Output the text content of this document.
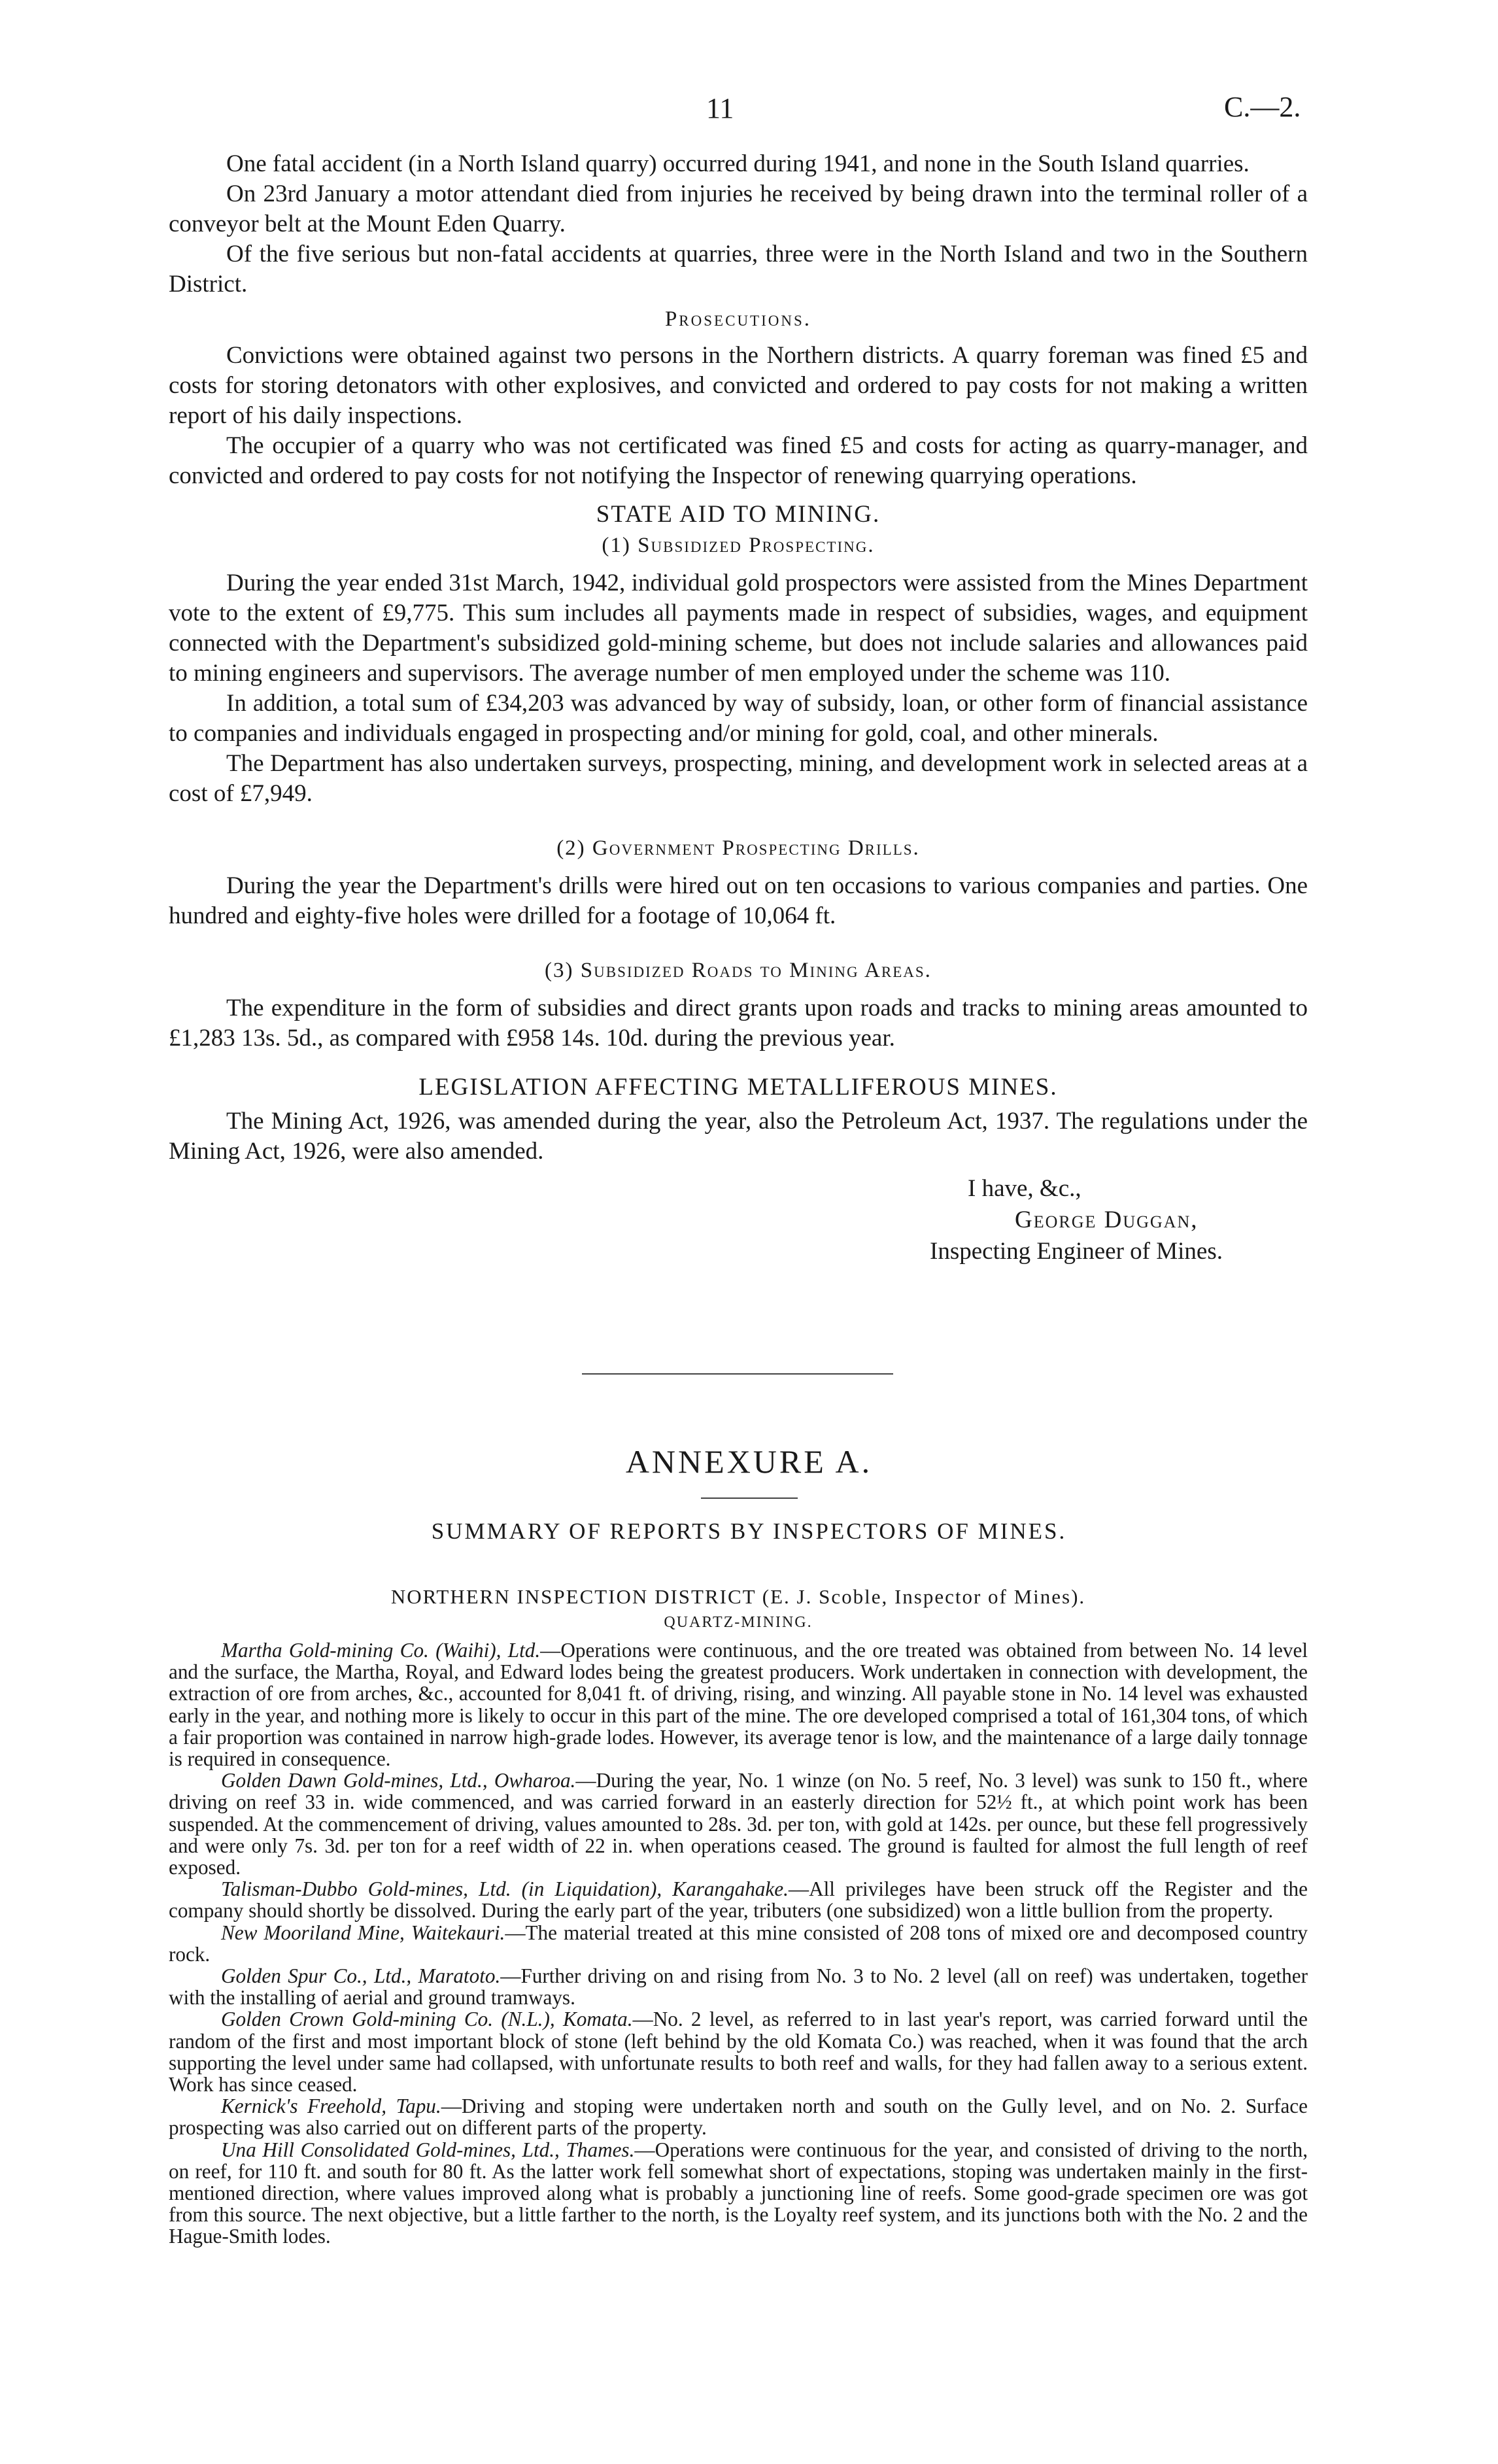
11	C.—2.

One fatal accident (in a North Island quarry) occurred during 1941, and none in the South Island quarries.

On 23rd January a motor attendant died from injuries he received by being drawn into the terminal roller of a conveyor belt at the Mount Eden Quarry.

Of the five serious but non-fatal accidents at quarries, three were in the North Island and two in the Southern District.

Prosecutions.

Convictions were obtained against two persons in the Northern districts. A quarry foreman was fined £5 and costs for storing detonators with other explosives, and convicted and ordered to pay costs for not making a written report of his daily inspections.

The occupier of a quarry who was not certificated was fined £5 and costs for acting as quarry-manager, and convicted and ordered to pay costs for not notifying the Inspector of renewing quarrying operations.

STATE AID TO MINING.
(1) Subsidized Prospecting.

During the year ended 31st March, 1942, individual gold prospectors were assisted from the Mines Department vote to the extent of £9,775. This sum includes all payments made in respect of subsidies, wages, and equipment connected with the Department's subsidized gold-mining scheme, but does not include salaries and allowances paid to mining engineers and supervisors. The average number of men employed under the scheme was 110.

In addition, a total sum of £34,203 was advanced by way of subsidy, loan, or other form of financial assistance to companies and individuals engaged in prospecting and/or mining for gold, coal, and other minerals.

The Department has also undertaken surveys, prospecting, mining, and development work in selected areas at a cost of £7,949.

(2) Government Prospecting Drills.

During the year the Department's drills were hired out on ten occasions to various companies and parties. One hundred and eighty-five holes were drilled for a footage of 10,064 ft.

(3) Subsidized Roads to Mining Areas.

The expenditure in the form of subsidies and direct grants upon roads and tracks to mining areas amounted to £1,283 13s. 5d., as compared with £958 14s. 10d. during the previous year.

LEGISLATION AFFECTING METALLIFEROUS MINES.

The Mining Act, 1926, was amended during the year, also the Petroleum Act, 1937. The regulations under the Mining Act, 1926, were also amended.

I have, &c.,
George Duggan,
Inspecting Engineer of Mines.
ANNEXURE A.
SUMMARY OF REPORTS BY INSPECTORS OF MINES.
NORTHERN INSPECTION DISTRICT (E. J. Scoble, Inspector of Mines).
QUARTZ-MINING.

Martha Gold-mining Co. (Waihi), Ltd.—Operations were continuous, and the ore treated was obtained from between No. 14 level and the surface, the Martha, Royal, and Edward lodes being the greatest producers. Work undertaken in connection with development, the extraction of ore from arches, &c., accounted for 8,041 ft. of driving, rising, and winzing. All payable stone in No. 14 level was exhausted early in the year, and nothing more is likely to occur in this part of the mine. The ore developed comprised a total of 161,304 tons, of which a fair proportion was contained in narrow high-grade lodes. However, its average tenor is low, and the maintenance of a large daily tonnage is required in consequence.

Golden Dawn Gold-mines, Ltd., Owharoa.—During the year, No. 1 winze (on No. 5 reef, No. 3 level) was sunk to 150 ft., where driving on reef 33 in. wide commenced, and was carried forward in an easterly direction for 52½ ft., at which point work has been suspended. At the commencement of driving, values amounted to 28s. 3d. per ton, with gold at 142s. per ounce, but these fell progressively and were only 7s. 3d. per ton for a reef width of 22 in. when operations ceased. The ground is faulted for almost the full length of reef exposed.

Talisman-Dubbo Gold-mines, Ltd. (in Liquidation), Karangahake.—All privileges have been struck off the Register and the company should shortly be dissolved. During the early part of the year, tributers (one subsidized) won a little bullion from the property.

New Mooriland Mine, Waitekauri.—The material treated at this mine consisted of 208 tons of mixed ore and decomposed country rock.

Golden Spur Co., Ltd., Maratoto.—Further driving on and rising from No. 3 to No. 2 level (all on reef) was undertaken, together with the installing of aerial and ground tramways.

Golden Crown Gold-mining Co. (N.L.), Komata.—No. 2 level, as referred to in last year's report, was carried forward until the random of the first and most important block of stone (left behind by the old Komata Co.) was reached, when it was found that the arch supporting the level under same had collapsed, with unfortunate results to both reef and walls, for they had fallen away to a serious extent. Work has since ceased.

Kernick's Freehold, Tapu.—Driving and stoping were undertaken north and south on the Gully level, and on No. 2. Surface prospecting was also carried out on different parts of the property.

Una Hill Consolidated Gold-mines, Ltd., Thames.—Operations were continuous for the year, and consisted of driving to the north, on reef, for 110 ft. and south for 80 ft. As the latter work fell somewhat short of expectations, stoping was undertaken mainly in the first-mentioned direction, where values improved along what is probably a junctioning line of reefs. Some good-grade specimen ore was got from this source. The next objective, but a little farther to the north, is the Loyalty reef system, and its junctions both with the No. 2 and the Hague-Smith lodes.
